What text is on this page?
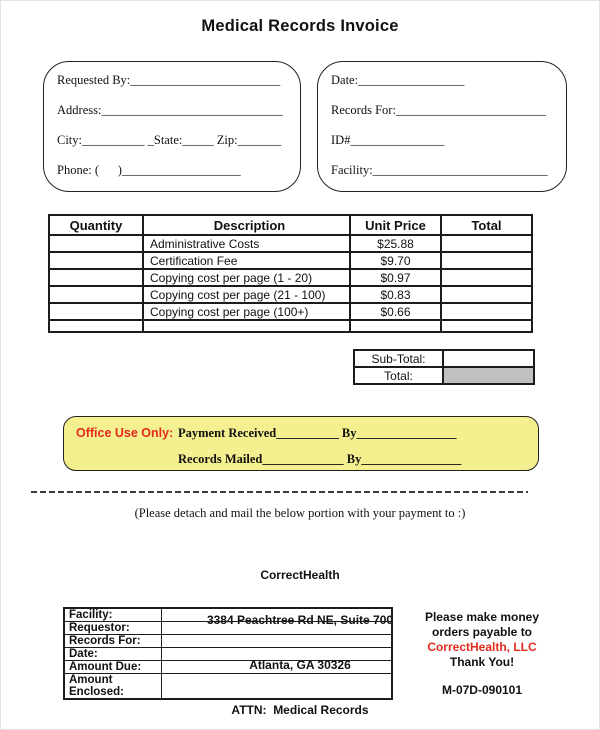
Medical Records Invoice
Requested By:________________________
Address:_____________________________
City:__________ _State:_____ Zip:_______
Phone: (      )___________________
Date:_________________
Records For:________________________
ID#_______________
Facility:____________________________
Quantity	Description	Unit Price	Total
	Administrative Costs	$25.88	
	Certification Fee	$9.70	
	Copying cost per page (1 - 20)	$0.97	
	Copying cost per page (21 - 100)	$0.83	
	Copying cost per page (100+)	$0.66	

Sub-Total:	
Total:	
Office Use Only: Payment Received__________ By________________
Records Mailed_____________ By________________
(Please detach and mail the below portion with your payment to :)

CorrectHealth

3384 Peachtree Rd NE, Suite 700

Atlanta, GA 30326

ATTN:  Medical Records

Facility:	
Requestor:	
Records For:	
Date:	
Amount Due:	
Amount Enclosed:	
Please make money
orders payable to
CorrectHealth, LLC
Thank You!
M-07D-090101
